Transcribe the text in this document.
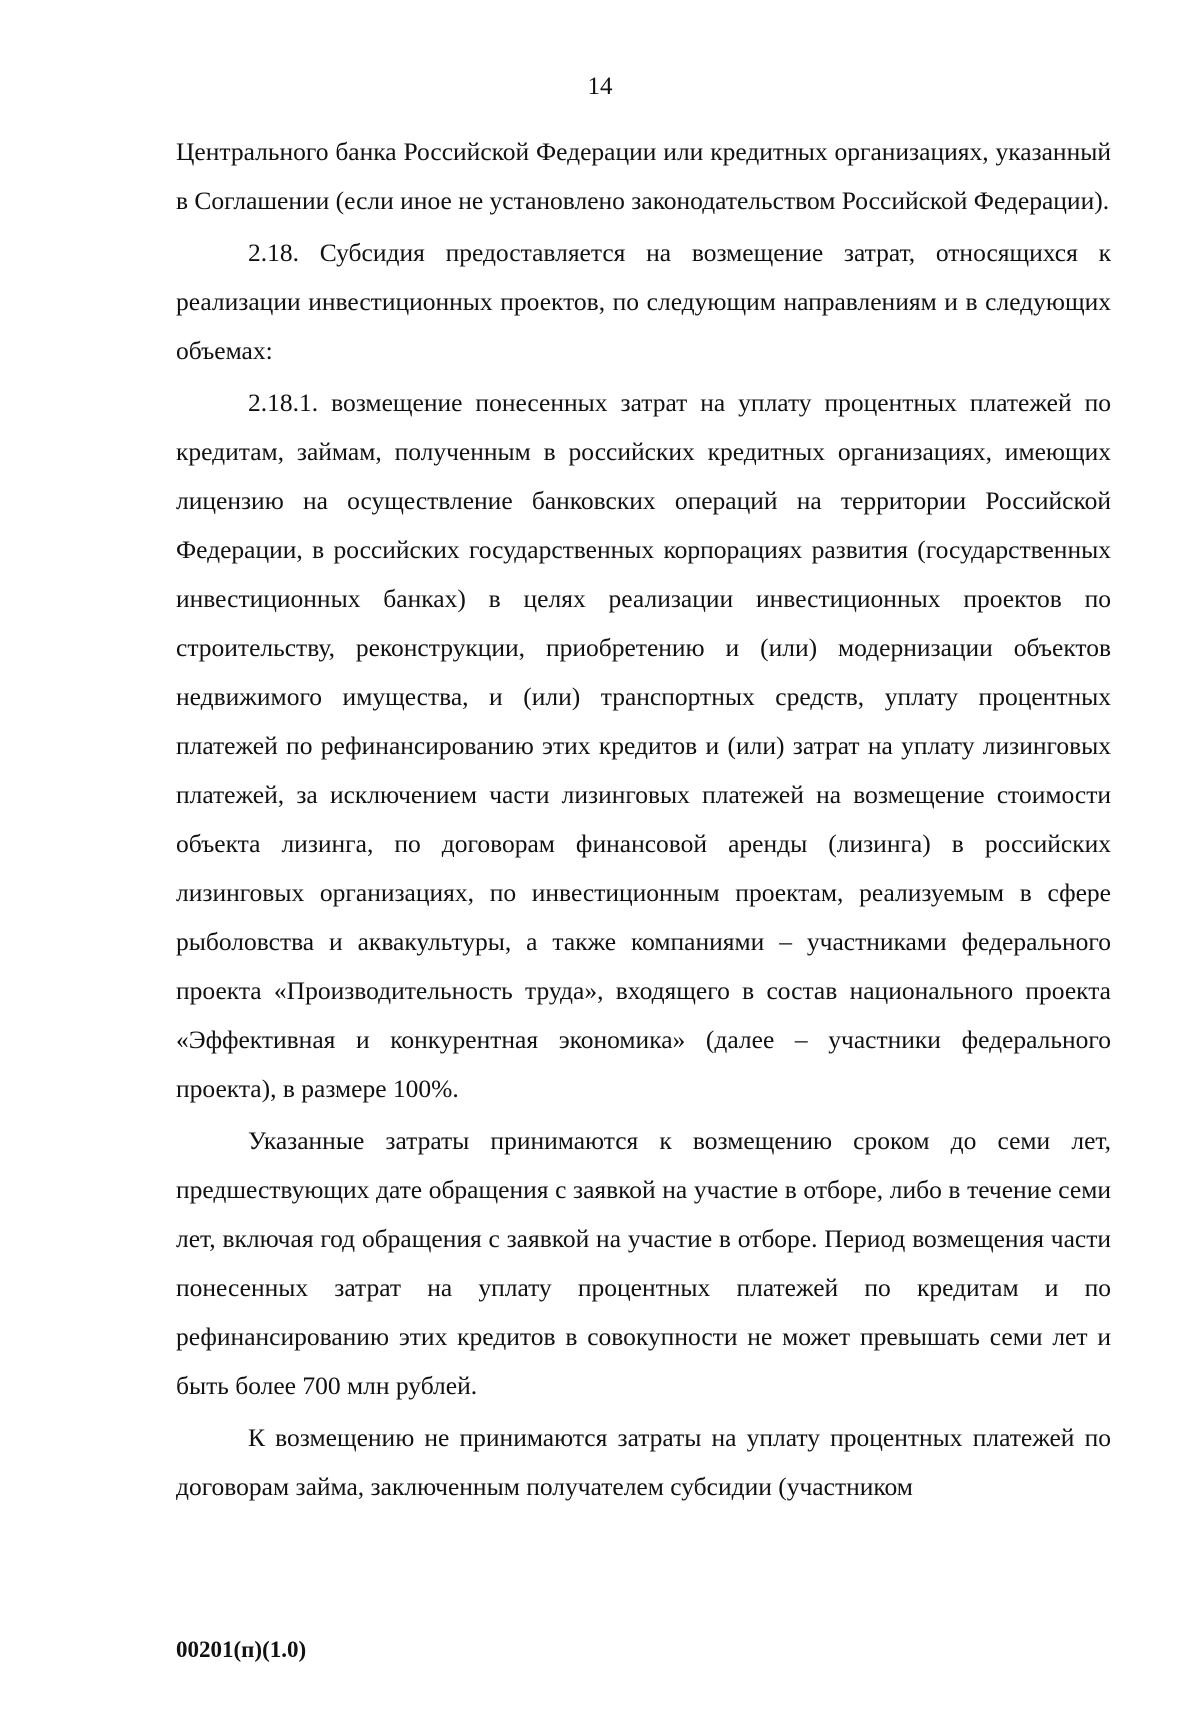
14

Центрального банка Российской Федерации или кредитных организациях, указанный в Соглашении (если иное не установлено законодательством Российской Федерации).

2.18. Субсидия предоставляется на возмещение затрат, относящихся к реализации инвестиционных проектов, по следующим направлениям и в следующих объемах:

2.18.1. возмещение понесенных затрат на уплату процентных платежей по кредитам, займам, полученным в российских кредитных организациях, имеющих лицензию на осуществление банковских операций на территории Российской Федерации, в российских государственных корпорациях развития (государственных инвестиционных банках) в целях реализации инвестиционных проектов по строительству, реконструкции, приобретению и (или) модернизации объектов недвижимого имущества, и (или) транспортных средств, уплату процентных платежей по рефинансированию этих кредитов и (или) затрат на уплату лизинговых платежей, за исключением части лизинговых платежей на возмещение стоимости объекта лизинга, по договорам финансовой аренды (лизинга) в российских лизинговых организациях, по инвестиционным проектам, реализуемым в сфере рыболовства и аквакультуры, а также компаниями – участниками федерального проекта «Производительность труда», входящего в состав национального проекта «Эффективная и конкурентная экономика» (далее – участники федерального проекта), в размере 100%.

Указанные затраты принимаются к возмещению сроком до семи лет, предшествующих дате обращения с заявкой на участие в отборе, либо в течение семи лет, включая год обращения с заявкой на участие в отборе. Период возмещения части понесенных затрат на уплату процентных платежей по кредитам и по рефинансированию этих кредитов в совокупности не может превышать семи лет и быть более 700 млн рублей.

К возмещению не принимаются затраты на уплату процентных платежей по договорам займа, заключенным получателем субсидии (участником

00201(п)(1.0)
